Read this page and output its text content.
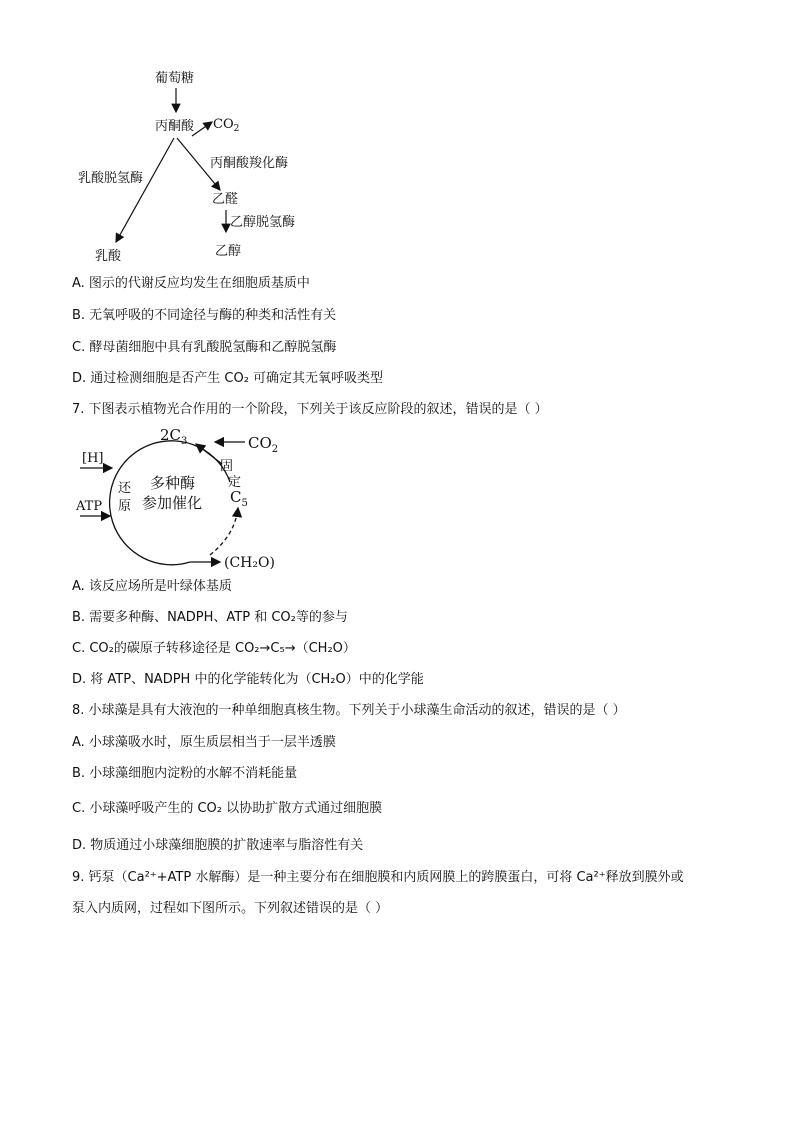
葡萄糖
丙酮酸 $CO_2$
丙酮酸羧化酶
乙醛
乙醇脱氢酶
乙醇
乳酸脱氢酶
乳酸
A. 图示的代谢反应均发生在细胞质基质中
B. 无氧呼吸的不同途径与酶的种类和活性有关
C. 酵母菌细胞中具有乳酸脱氢酶和乙醇脱氢酶
D. 通过检测细胞是否产生 CO₂ 可确定其无氧呼吸类型
7. 下图表示植物光合作用的一个阶段，下列关于该反应阶段的叙述，错误的是（ ）
$2C_3$	$CO_2$
[H]
ATP
固
定
还
原
多种酶
参加催化 $C_5$
(CH₂O)
A. 该反应场所是叶绿体基质
B. 需要多种酶、NADPH、ATP 和 CO₂等的参与
C. CO₂的碳原子转移途径是 CO₂→C₅→（CH₂O）
D. 将 ATP、NADPH 中的化学能转化为（CH₂O）中的化学能
8. 小球藻是具有大液泡的一种单细胞真核生物。下列关于小球藻生命活动的叙述，错误的是（ ）
A. 小球藻吸水时，原生质层相当于一层半透膜
B. 小球藻细胞内淀粉的水解不消耗能量
C. 小球藻呼吸产生的 CO₂ 以协助扩散方式通过细胞膜
D. 物质通过小球藻细胞膜的扩散速率与脂溶性有关
9. 钙泵（Ca²⁺+ATP 水解酶）是一种主要分布在细胞膜和内质网膜上的跨膜蛋白，可将 Ca²⁺释放到膜外或
泵入内质网，过程如下图所示。下列叙述错误的是（ ）
